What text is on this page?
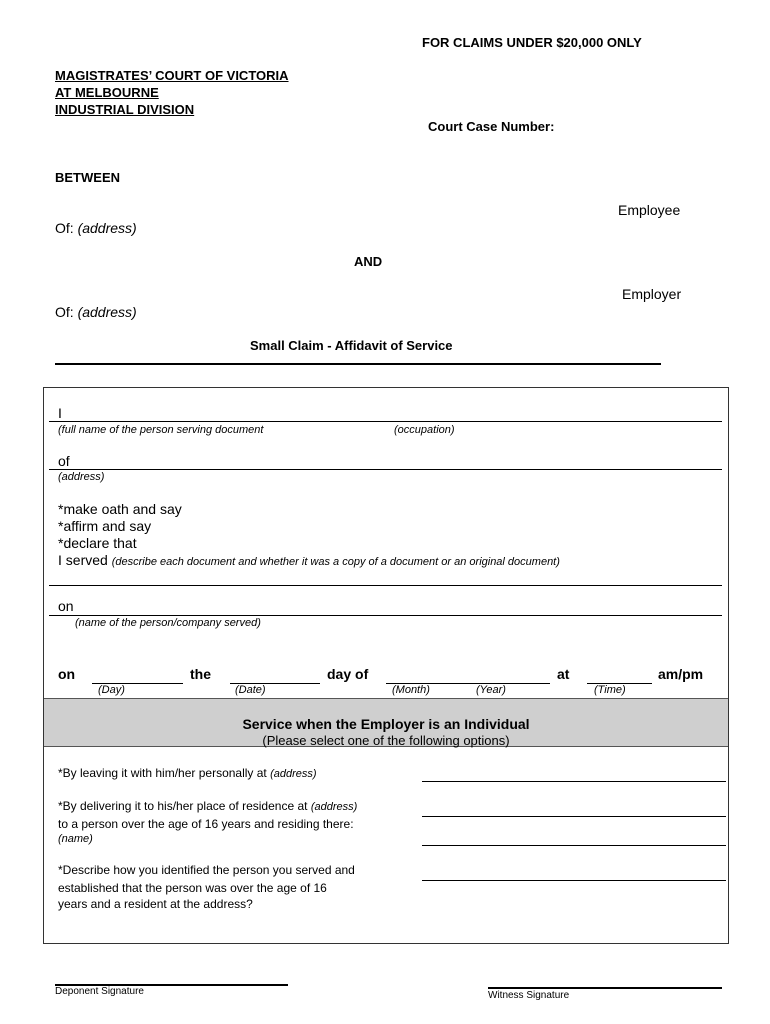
FOR CLAIMS UNDER $20,000 ONLY
MAGISTRATES’ COURT OF VICTORIA
AT MELBOURNE
INDUSTRIAL DIVISION
Court Case Number:
BETWEEN
Employee
Of: (address)
AND
Employer
Of: (address)
Small Claim - Affidavit of Service
I
(full name of the person serving document	(occupation)
of
(address)
*make oath and say
*affirm and say
*declare that
I served (describe each document and whether it was a copy of a document or an original document)
on
(name of the person/company served)
on	the	day of	at	am/pm
(Day)	(Date)	(Month)	(Year)	(Time)
Service when the Employer is an Individual
(Please select one of the following options)
*By leaving it with him/her personally at (address)
*By delivering it to his/her place of residence at (address)
to a person over the age of 16 years and residing there:
(name)
*Describe how you identified the person you served and
established that the person was over the age of 16
years and a resident at the address?
Deponent Signature	Witness Signature
